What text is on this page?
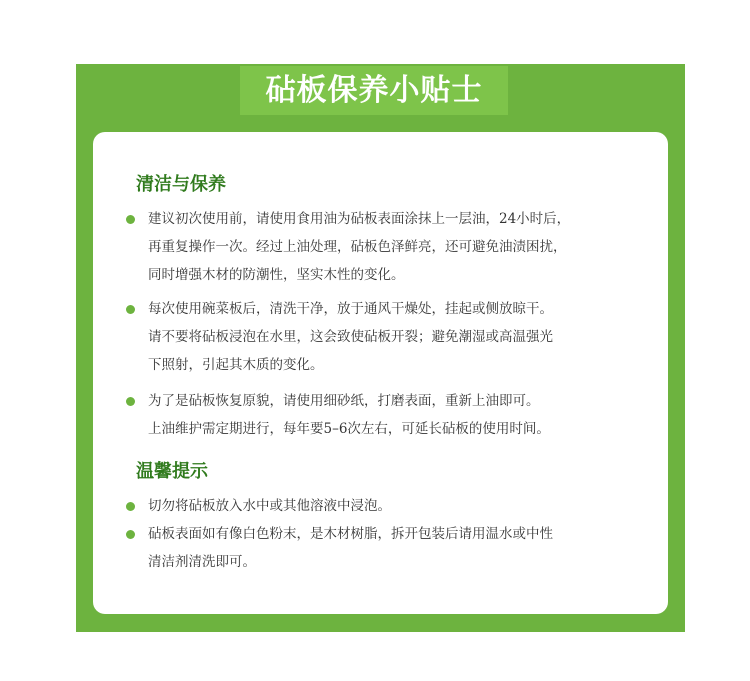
砧板保养小贴士
清洁与保养
建议初次使用前，请使用食用油为砧板表面涂抹上一层油，24小时后，
再重复操作一次。经过上油处理，砧板色泽鲜亮，还可避免油渍困扰，
同时增强木材的防潮性，坚实木性的变化。
每次使用碗菜板后，清洗干净，放于通风干燥处，挂起或侧放晾干。
请不要将砧板浸泡在水里，这会致使砧板开裂；避免潮湿或高温强光
下照射，引起其木质的变化。
为了是砧板恢复原貌，请使用细砂纸，打磨表面，重新上油即可。
上油维护需定期进行，每年要5–6次左右，可延长砧板的使用时间。
温馨提示
切勿将砧板放入水中或其他溶液中浸泡。
砧板表面如有像白色粉末，是木材树脂，拆开包装后请用温水或中性
清洁剂清洗即可。
